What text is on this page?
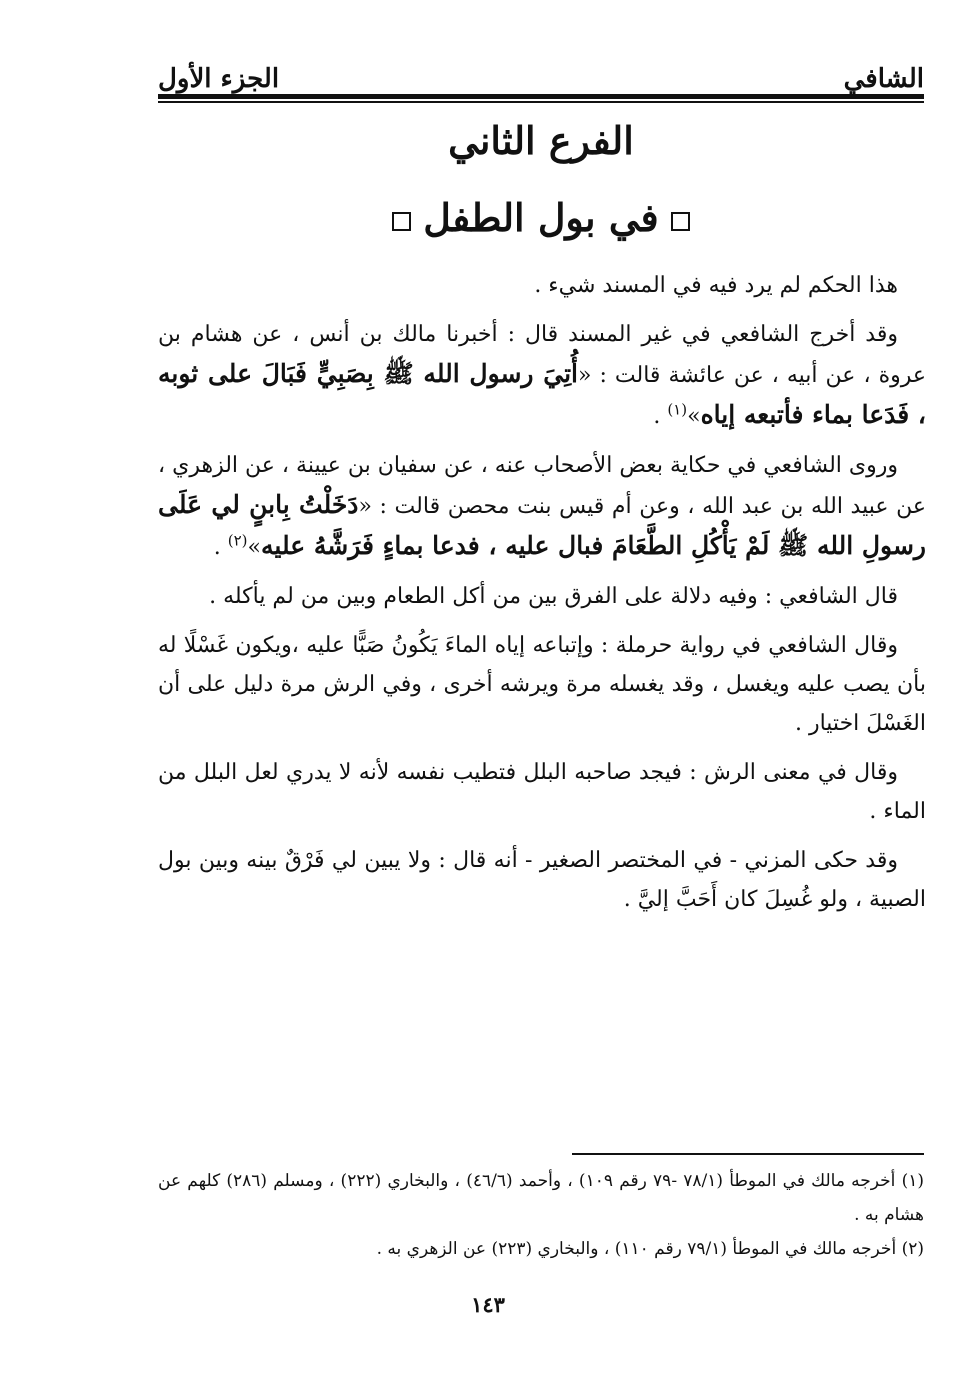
الجزء الأول	الشافي
الفرع الثاني
في بول الطفل

هذا الحكم لم يرد فيه في المسند شيء .

وقد أخرج الشافعي في غير المسند قال : أخبرنا مالك بن أنس ، عن هشام بن عروة ، عن أبيه ، عن عائشة قالت : «أُتِيَ رسول الله ﷺ بِصَبِيٍّ فَبَالَ على ثوبه ، فَدَعا بماء فأتبعه إياه»$^{(١)}$ .

وروى الشافعي في حكاية بعض الأصحاب عنه ، عن سفيان بن عيينة ، عن الزهري ، عن عبيد الله بن عبد الله ، وعن أم قيس بنت محصن قالت : «دَخَلْتُ بِابنٍ لي عَلَى رسولِ الله ﷺ لَمْ يَأْكُلِ الطَّعَامَ فبال عليه ، فدعا بماءٍ فَرَشَّهُ عليه»$^{(٢)}$ .

قال الشافعي : وفيه دلالة على الفرق بين من أكل الطعام وبين من لم يأكله .

وقال الشافعي في رواية حرملة : وإتباعه إياه الماءَ يَكُونُ صَبًّا عليه ،ويكون غَسْلًا له بأن يصب عليه ويغسل ، وقد يغسله مرة ويرشه أخرى ، وفي الرش مرة دليل على أن الغَسْلَ اختيار .

وقال في معنى الرش : فيجد صاحبه البلل فتطيب نفسه لأنه لا يدري لعل البلل من الماء .

وقد حكى المزني - في المختصر الصغير - أنه قال : ولا يبين لي فَرْقٌ بينه وبين بول الصبية ، ولو غُسِلَ كان أَحَبَّ إليَّ .

(١) أخرجه مالك في الموطأ (٧٨/١ -٧٩ رقم ١٠٩) ، وأحمد (٤٦/٦) ، والبخاري (٢٢٢) ، ومسلم (٢٨٦) كلهم عن هشام به .

(٢) أخرجه مالك في الموطأ (٧٩/١ رقم ١١٠) ، والبخاري (٢٢٣) عن الزهري به .

١٤٣
